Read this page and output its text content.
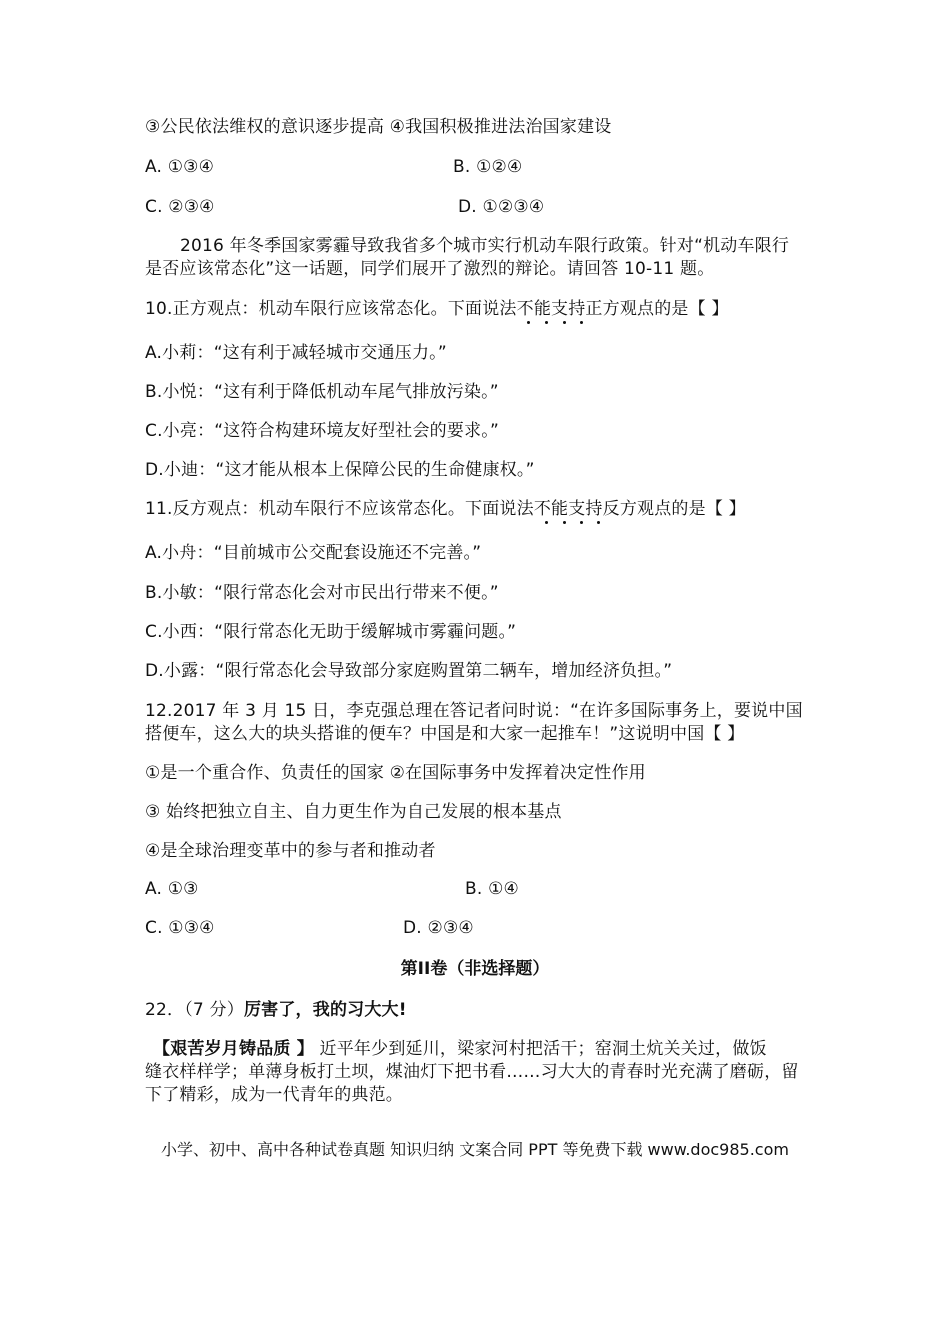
③公民依法维权的意识逐步提高 ④我国积极推进法治国家建设
A. ①③④	B. ①②④
C. ②③④	D. ①②③④
2016 年冬季国家雾霾导致我省多个城市实行机动车限行政策。针对“机动车限行
是否应该常态化”这一话题，同学们展开了激烈的辩论。请回答 10-11 题。
10.正方观点：机动车限行应该常态化。下面说法不能支持正方观点的是【 】
A.小莉：“这有利于减轻城市交通压力。”
B.小悦：“这有利于降低机动车尾气排放污染。”
C.小亮：“这符合构建环境友好型社会的要求。”
D.小迪：“这才能从根本上保障公民的生命健康权。”
11.反方观点：机动车限行不应该常态化。下面说法不能支持反方观点的是【 】
A.小舟：“目前城市公交配套设施还不完善。”
B.小敏：“限行常态化会对市民出行带来不便。”
C.小西：“限行常态化无助于缓解城市雾霾问题。”
D.小露：“限行常态化会导致部分家庭购置第二辆车，增加经济负担。”
12.2017 年 3 月 15 日，李克强总理在答记者问时说：“在许多国际事务上，要说中国
搭便车，这么大的块头搭谁的便车？中国是和大家一起推车！”这说明中国【 】
①是一个重合作、负责任的国家 ②在国际事务中发挥着决定性作用
③ 始终把独立自主、自力更生作为自己发展的根本基点
④是全球治理变革中的参与者和推动者
A. ①③	B. ①④
C. ①③④	D. ②③④
第II卷（非选择题）
22．（7 分）厉害了，我的习大大!
【艰苦岁月铸品质 】 近平年少到延川，梁家河村把活干；窑洞土炕关关过，做饭
缝衣样样学；单薄身板打土坝，煤油灯下把书看……习大大的青春时光充满了磨砺，留
下了精彩，成为一代青年的典范。
小学、初中、高中各种试卷真题 知识归纳 文案合同 PPT 等免费下载 www.doc985.com
